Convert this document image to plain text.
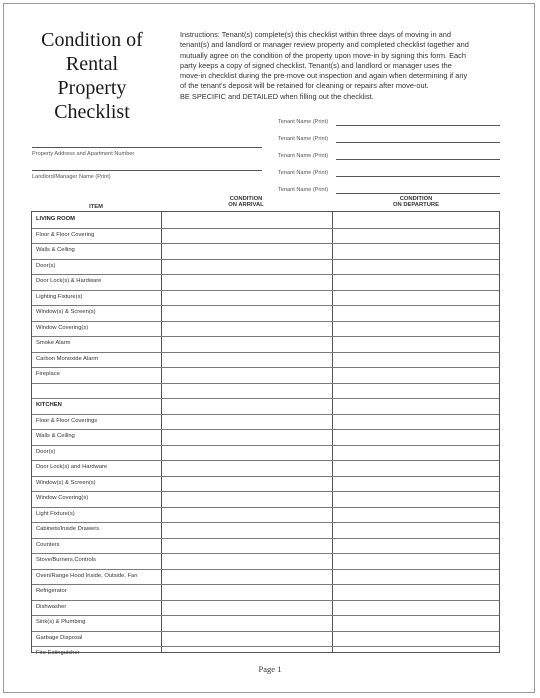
Condition of
Rental
Property
Checklist
Instructions: Tenant(s) complete(s) this checklist within three days of moving in and
tenant(s) and landlord or manager review property and completed checklist together and
mutually agree on the condition of the property upon move-in by signing this form. Each
party keeps a copy of signed checklist. Tenant(s) and landlord or manager uses the
move-in checklist during the pre-move out inspection and again when determining if any
of the tenant's deposit will be retained for cleaning or repairs after move-out.
BE SPECIFIC and DETAILED when filling out the checklist.
Tenant Name (Print)
Tenant Name (Print)
Tenant Name (Print)
Tenant Name (Print)
Tenant Name (Print)
Property Address and Apartment Number
Landlord/Manager Name (Print)
ITEM
CONDITION
ON ARRIVAL
CONDITION
ON DEPARTURE
LIVING ROOM
Floor & Floor Covering
Walls & Ceiling
Door(s)
Door Lock(s) & Hardware
Lighting Fixture(s)
Window(s) & Screen(s)
Window Covering(s)
Smoke Alarm
Carbon Monoxide Alarm
Fireplace
KITCHEN
Floor & Floor Coverings
Walls & Ceiling
Door(s)
Door Lock(s) and Hardware
Window(s) & Screen(s)
Window Covering(s)
Light Fixture(s)
Cabinets/Inside Drawers
Counters
Stove/Burners,Controls
Oven/Range Hood Inside, Outside, Fan
Refrigerator
Dishwasher
Sink(s) & Plumbing
Garbage Disposal
Fire Extinguisher
Page 1
